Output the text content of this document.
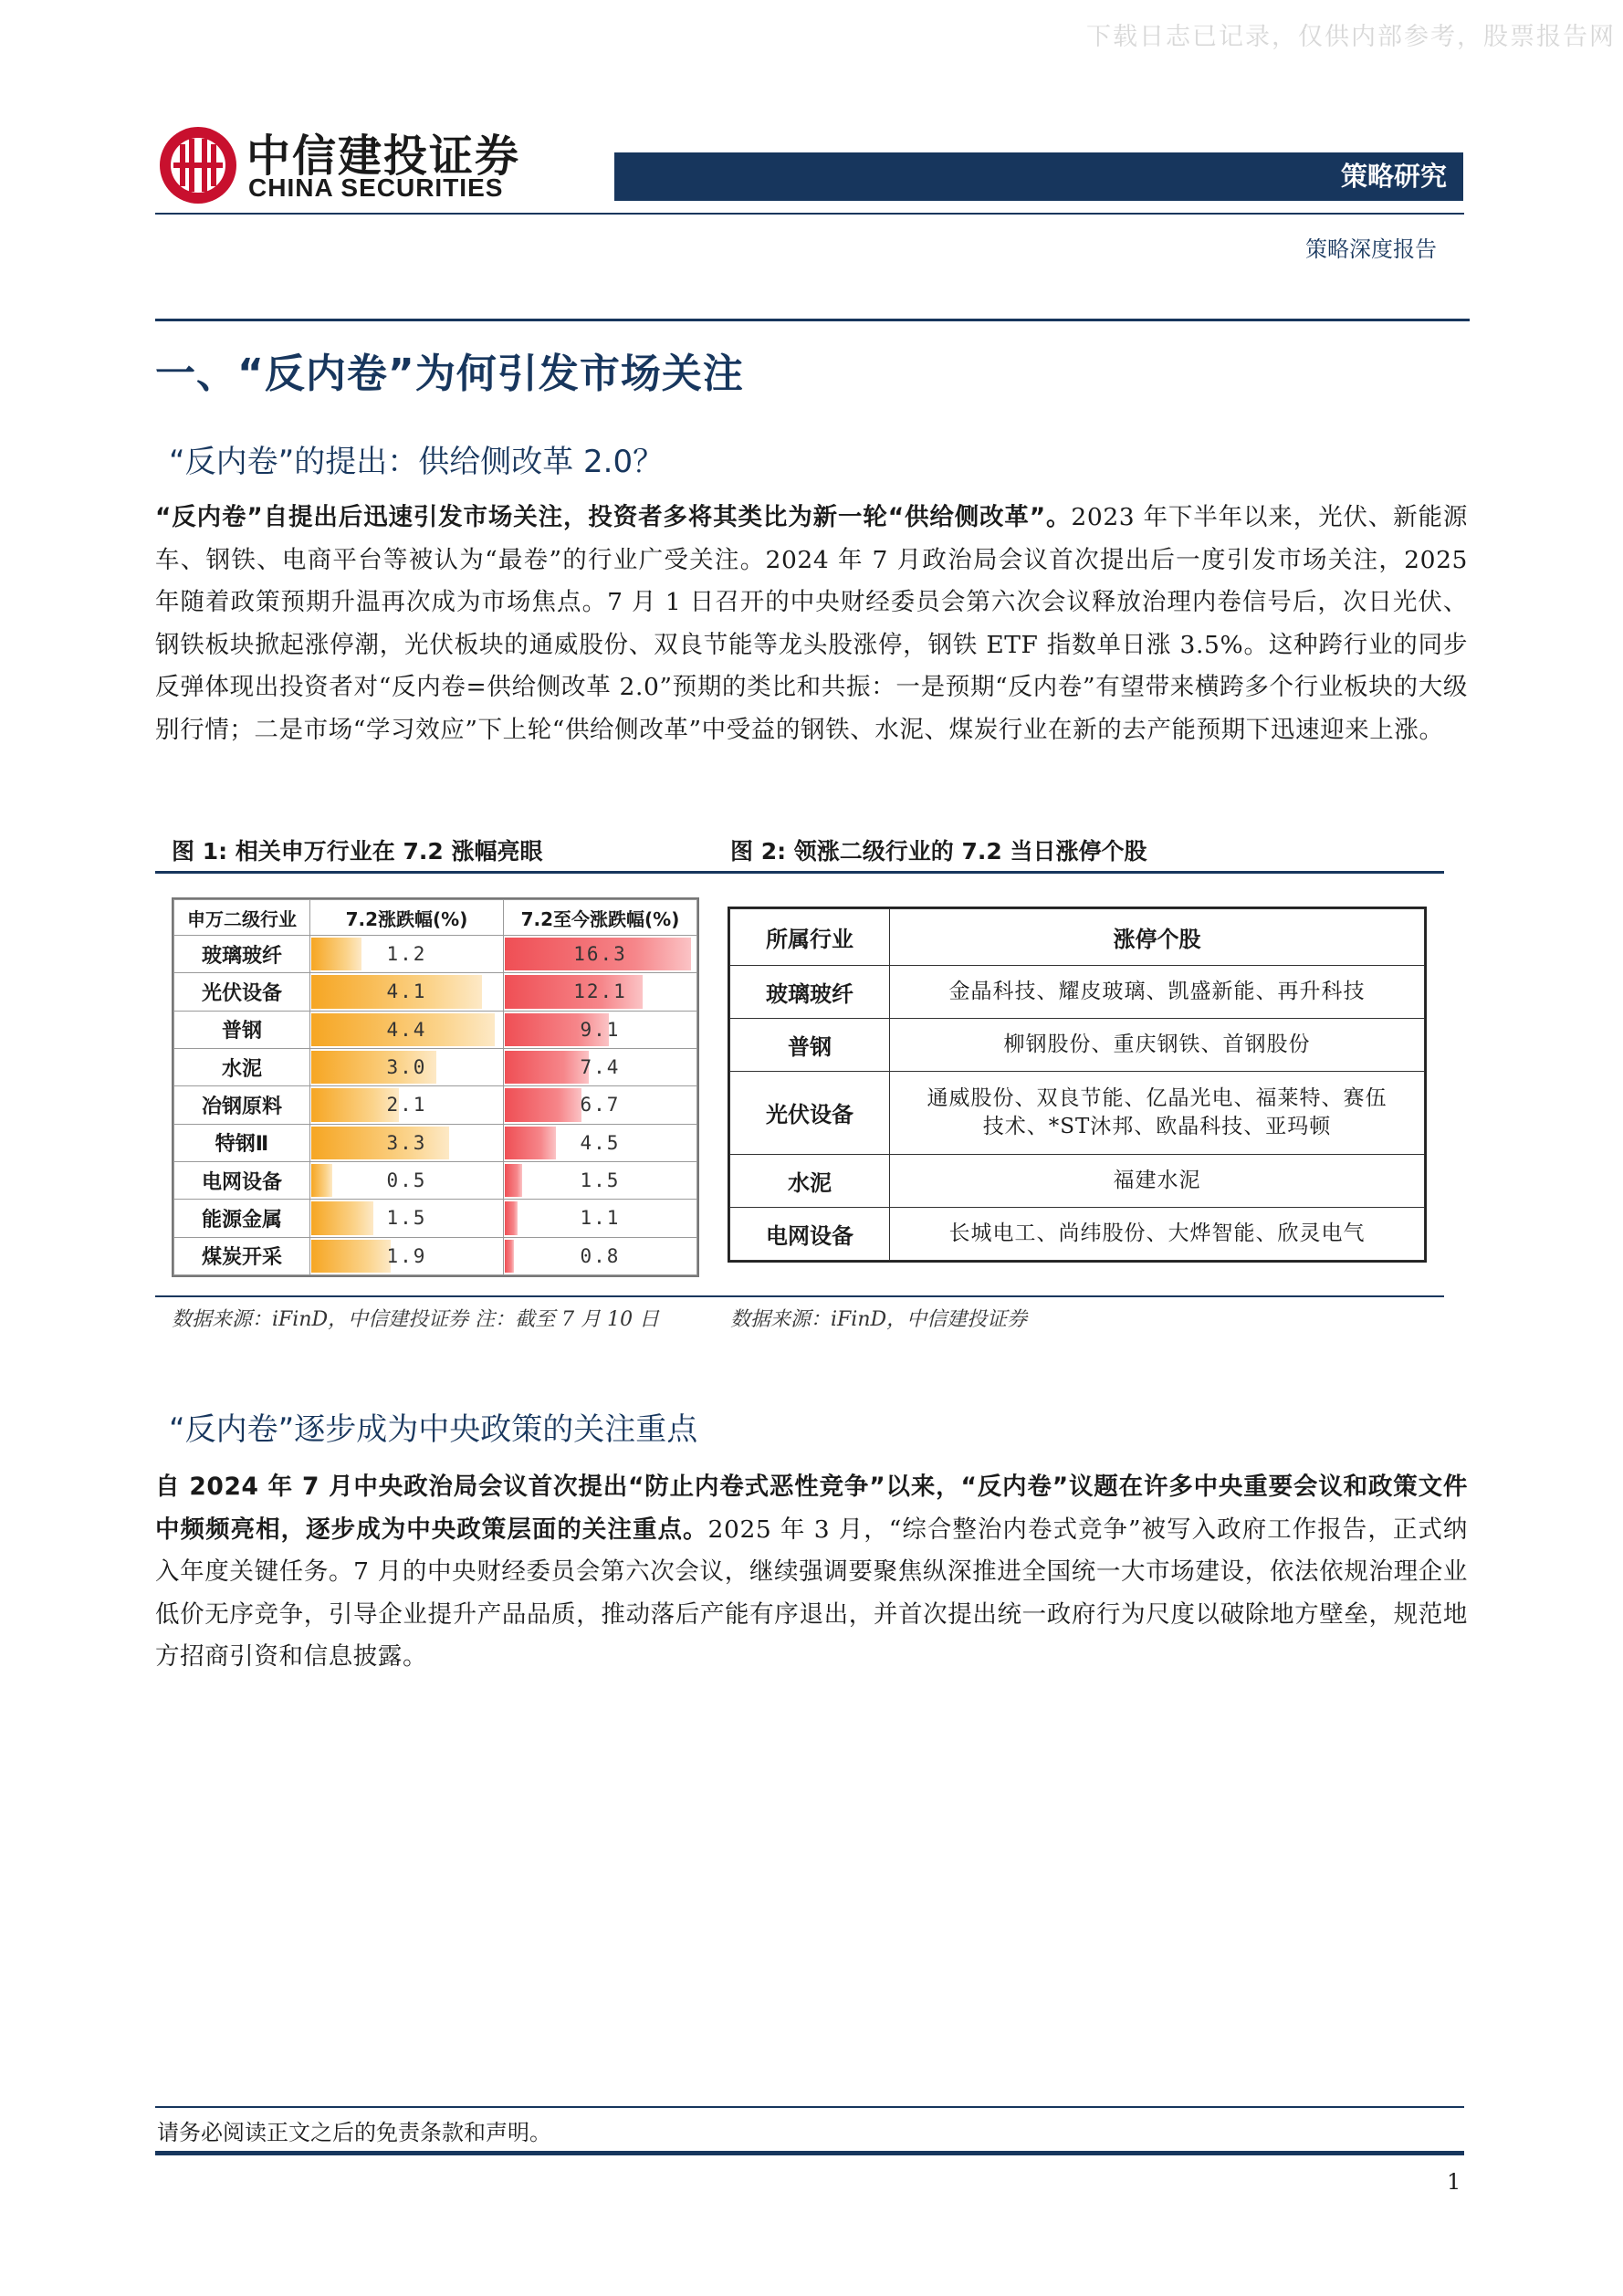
下载日志已记录，仅供内部参考，股票报告网
中信建投证券
CHINA SECURITIES	策略研究
策略深度报告
一、“反内卷”为何引发市场关注
“反内卷”的提出：供给侧改革 2.0？
“反内卷”自提出后迅速引发市场关注，投资者多将其类比为新一轮“供给侧改革”。2023 年下半年以来，光伏、新能源车、钢铁、电商平台等被认为“最卷”的行业广受关注。2024 年 7 月政治局会议首次提出后一度引发市场关注，2025 年随着政策预期升温再次成为市场焦点。7 月 1 日召开的中央财经委员会第六次会议释放治理内卷信号后，次日光伏、钢铁板块掀起涨停潮，光伏板块的通威股份、双良节能等龙头股涨停，钢铁 ETF 指数单日涨 3.5%。这种跨行业的同步反弹体现出投资者对“反内卷=供给侧改革 2.0”预期的类比和共振：一是预期“反内卷”有望带来横跨多个行业板块的大级别行情；二是市场“学习效应”下上轮“供给侧改革”中受益的钢铁、水泥、煤炭行业在新的去产能预期下迅速迎来上涨。
图 1: 相关申万行业在 7.2 涨幅亮眼	图 2: 领涨二级行业的 7.2 当日涨停个股
申万二级行业	7.2涨跌幅(%)	7.2至今涨跌幅(%)
玻璃玻纤	1.2	16.3

光伏设备	4.1	12.1

普钢	4.4	9.1

水泥	3.0	7.4

冶钢原料	2.1	6.7

特钢Ⅱ	3.3	4.5

电网设备	0.5	1.5

能源金属	1.5	1.1

煤炭开采	1.9	0.8
所属行业	涨停个股
玻璃玻纤	金晶科技、耀皮玻璃、凯盛新能、再升科技
普钢	柳钢股份、重庆钢铁、首钢股份
光伏设备	通威股份、双良节能、亿晶光电、福莱特、赛伍技术、*ST沐邦、欧晶科技、亚玛顿
水泥	福建水泥
电网设备	长城电工、尚纬股份、大烨智能、欣灵电气
数据来源：iFinD，中信建投证券 注：截至 7 月 10 日	数据来源：iFinD，中信建投证券
“反内卷”逐步成为中央政策的关注重点
自 2024 年 7 月中央政治局会议首次提出“防止内卷式恶性竞争”以来，“反内卷”议题在许多中央重要会议和政策文件中频频亮相，逐步成为中央政策层面的关注重点。2025 年 3 月，“综合整治内卷式竞争”被写入政府工作报告，正式纳入年度关键任务。7 月的中央财经委员会第六次会议，继续强调要聚焦纵深推进全国统一大市场建设，依法依规治理企业低价无序竞争，引导企业提升产品品质，推动落后产能有序退出，并首次提出统一政府行为尺度以破除地方壁垒，规范地方招商引资和信息披露。
请务必阅读正文之后的免责条款和声明。
1
